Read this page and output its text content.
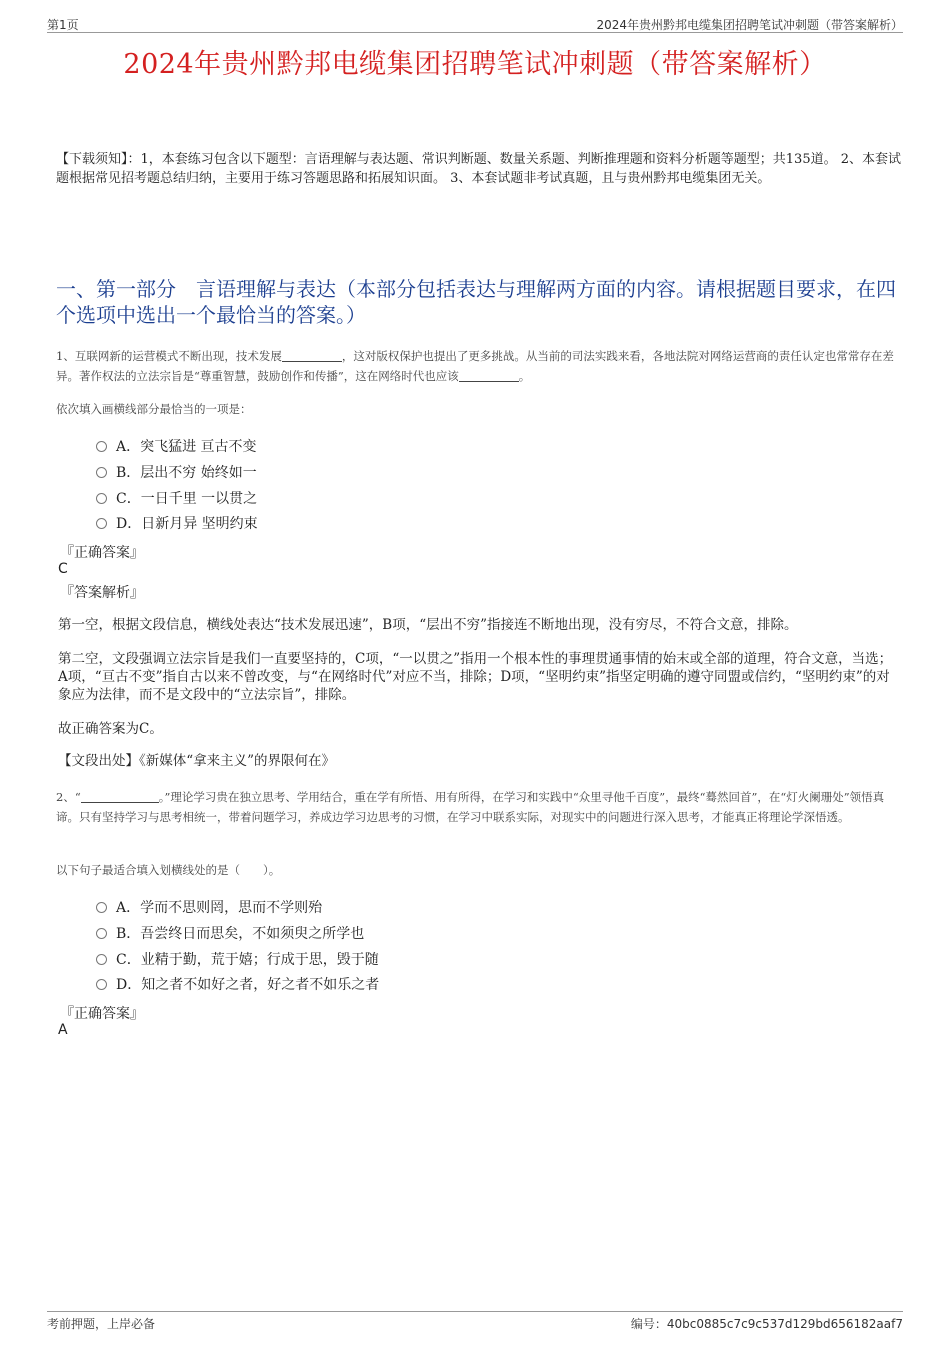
第1页	2024年贵州黔邦电缆集团招聘笔试冲刺题（带答案解析）
2024年贵州黔邦电缆集团招聘笔试冲刺题（带答案解析）
【下载须知】：1，本套练习包含以下题型：言语理解与表达题、常识判断题、数量关系题、判断推理题和资料分析题等题型；共135道。 2、本套试题根据常见招考题总结归纳，主要用于练习答题思路和拓展知识面。 3、本套试题非考试真题，且与贵州黔邦电缆集团无关。
一、第一部分　言语理解与表达（本部分包括表达与理解两方面的内容。请根据题目要求，在四个选项中选出一个最恰当的答案。）
1、互联网新的运营模式不断出现，技术发展	，这对版权保护也提出了更多挑战。从当前的司法实践来看，各地法院对网络运营商的责任认定也常常存在差异。著作权法的立法宗旨是“尊重智慧，鼓励创作和传播”，这在网络时代也应该	。
依次填入画横线部分最恰当的一项是：
A．突飞猛进 亘古不变
B．层出不穷 始终如一
C．一日千里 一以贯之
D．日新月异 坚明约束
『正确答案』
C
『答案解析』
第一空，根据文段信息，横线处表达“技术发展迅速”，B项，“层出不穷”指接连不断地出现，没有穷尽，不符合文意，排除。
第二空，文段强调立法宗旨是我们一直要坚持的，C项，“一以贯之”指用一个根本性的事理贯通事情的始末或全部的道理，符合文意，当选；A项，“亘古不变”指自古以来不曾改变，与“在网络时代”对应不当，排除；D项，“坚明约束”指坚定明确的遵守同盟或信约，“坚明约束”的对象应为法律，而不是文段中的“立法宗旨”，排除。
故正确答案为C。
【文段出处】《新媒体“拿来主义”的界限何在》
2、“	。”理论学习贵在独立思考、学用结合，重在学有所悟、用有所得，在学习和实践中“众里寻他千百度”，最终“蓦然回首”，在“灯火阑珊处”领悟真谛。只有坚持学习与思考相统一，带着问题学习，养成边学习边思考的习惯，在学习中联系实际，对现实中的问题进行深入思考，才能真正将理论学深悟透。
以下句子最适合填入划横线处的是（　　）。
A．学而不思则罔，思而不学则殆
B．吾尝终日而思矣，不如须臾之所学也
C．业精于勤，荒于嬉；行成于思，毁于随
D．知之者不如好之者，好之者不如乐之者
『正确答案』
A
考前押题，上岸必备	编号：40bc0885c7c9c537d129bd656182aaf7
